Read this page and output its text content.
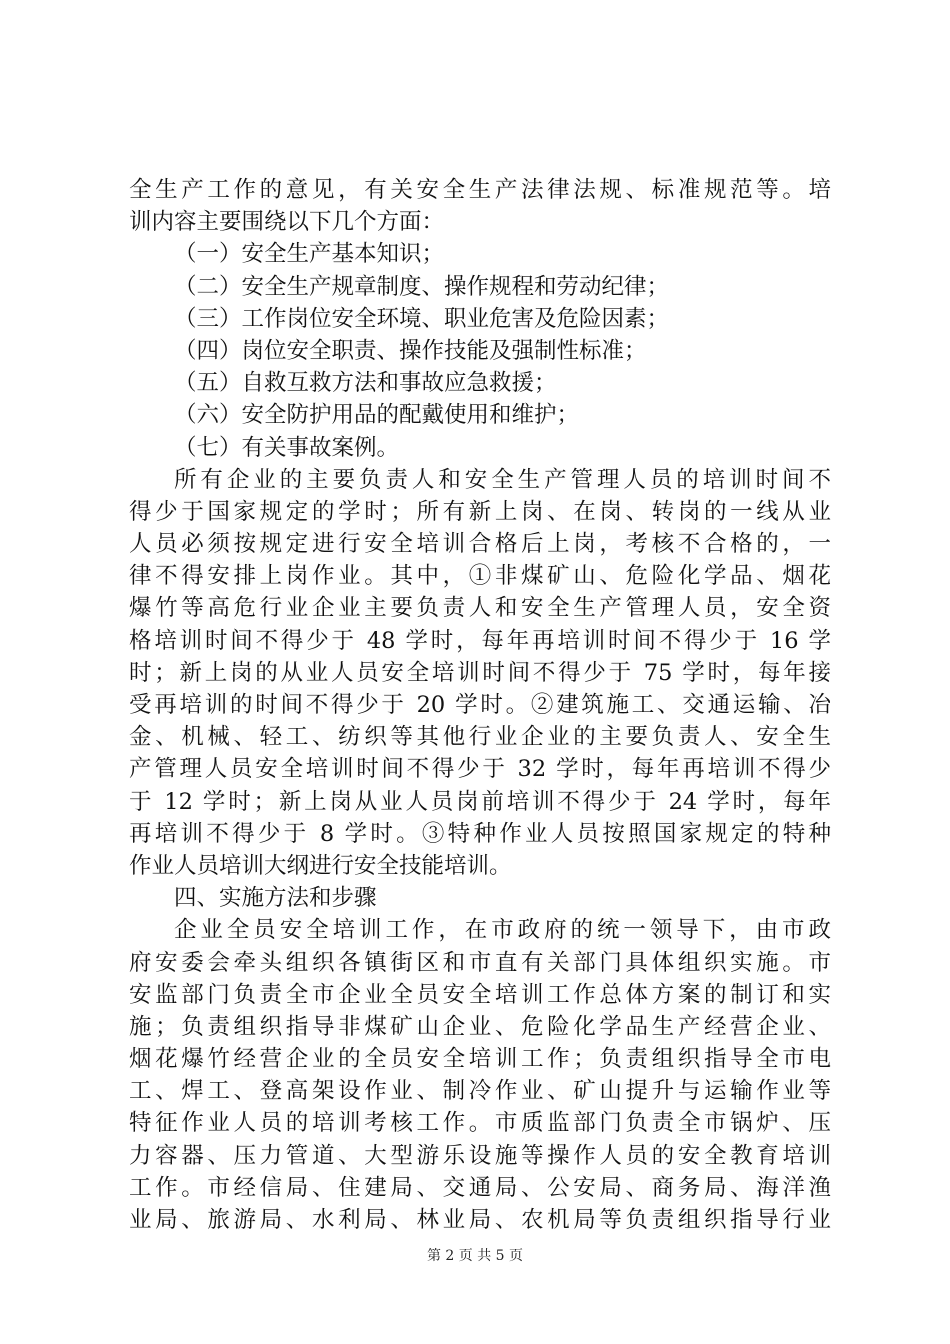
全生产工作的意见，有关安全生产法律法规、标准规范等。培
训内容主要围绕以下几个方面：
（一）安全生产基本知识；
（二）安全生产规章制度、操作规程和劳动纪律；
（三）工作岗位安全环境、职业危害及危险因素；
（四）岗位安全职责、操作技能及强制性标准；
（五）自救互救方法和事故应急救援；
（六）安全防护用品的配戴使用和维护；
（七）有关事故案例。
所有企业的主要负责人和安全生产管理人员的培训时间不
得少于国家规定的学时；所有新上岗、在岗、转岗的一线从业
人员必须按规定进行安全培训合格后上岗，考核不合格的，一
律不得安排上岗作业。其中，①非煤矿山、危险化学品、烟花
爆竹等高危行业企业主要负责人和安全生产管理人员，安全资
格培训时间不得少于 48 学时，每年再培训时间不得少于 16 学
时；新上岗的从业人员安全培训时间不得少于 75 学时，每年接
受再培训的时间不得少于 20 学时。②建筑施工、交通运输、冶
金、机械、轻工、纺织等其他行业企业的主要负责人、安全生
产管理人员安全培训时间不得少于 32 学时，每年再培训不得少
于 12 学时；新上岗从业人员岗前培训不得少于 24 学时，每年
再培训不得少于 8 学时。③特种作业人员按照国家规定的特种
作业人员培训大纲进行安全技能培训。
四、实施方法和步骤
企业全员安全培训工作，在市政府的统一领导下，由市政
府安委会牵头组织各镇街区和市直有关部门具体组织实施。市
安监部门负责全市企业全员安全培训工作总体方案的制订和实
施；负责组织指导非煤矿山企业、危险化学品生产经营企业、
烟花爆竹经营企业的全员安全培训工作；负责组织指导全市电
工、焊工、登高架设作业、制冷作业、矿山提升与运输作业等
特征作业人员的培训考核工作。市质监部门负责全市锅炉、压
力容器、压力管道、大型游乐设施等操作人员的安全教育培训
工作。市经信局、住建局、交通局、公安局、商务局、海洋渔
业局、旅游局、水利局、林业局、农机局等负责组织指导行业
第 2 页 共 5 页
